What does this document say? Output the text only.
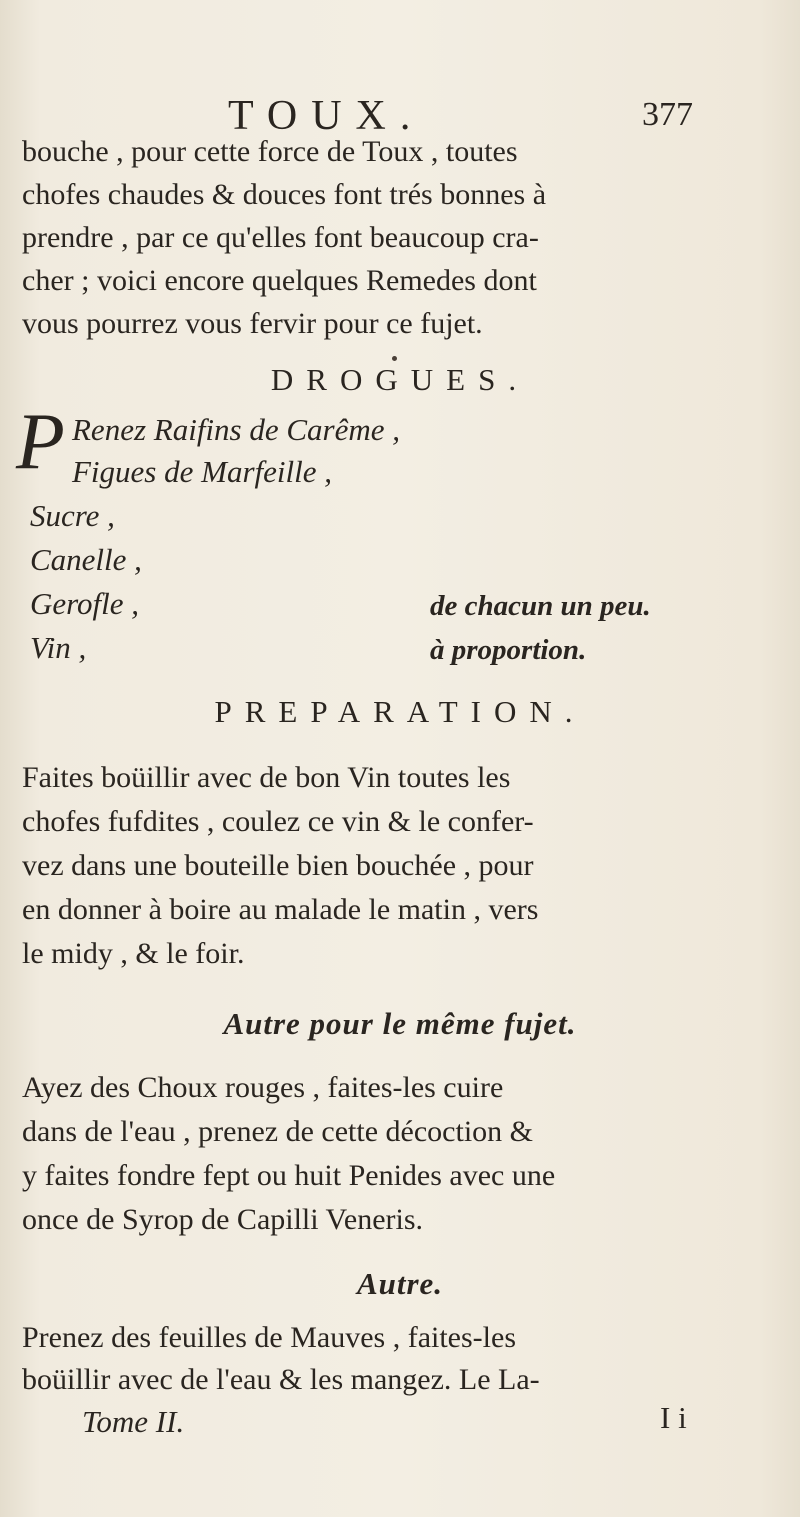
TOUX.	377
bouche , pour cette force de Toux , toutes
chofes chaudes & douces font trés bonnes à
prendre , par ce qu'elles font beaucoup cra-
cher ; voici encore quelques Remedes dont
vous pourrez vous fervir pour ce fujet.
DROGUES.
P Renez Raifins de Carême ,
Figues de Marfeille ,
Sucre ,
Canelle ,
Gerofle ,
Vin ,
de chacun un peu.
à proportion.
PREPARATION.
Faites boüillir avec de bon Vin toutes les
chofes fufdites , coulez ce vin & le confer-
vez dans une bouteille bien bouchée , pour
en donner à boire au malade le matin , vers
le midy , & le foir.
Autre pour le même fujet.
Ayez des Choux rouges , faites-les cuire
dans de l'eau , prenez de cette décoction &
y faites fondre fept ou huit Penides avec une
once de Syrop de Capilli Veneris.
Autre.
Prenez des feuilles de Mauves , faites-les
boüillir avec de l'eau & les mangez. Le La-
Tome II.	I i
